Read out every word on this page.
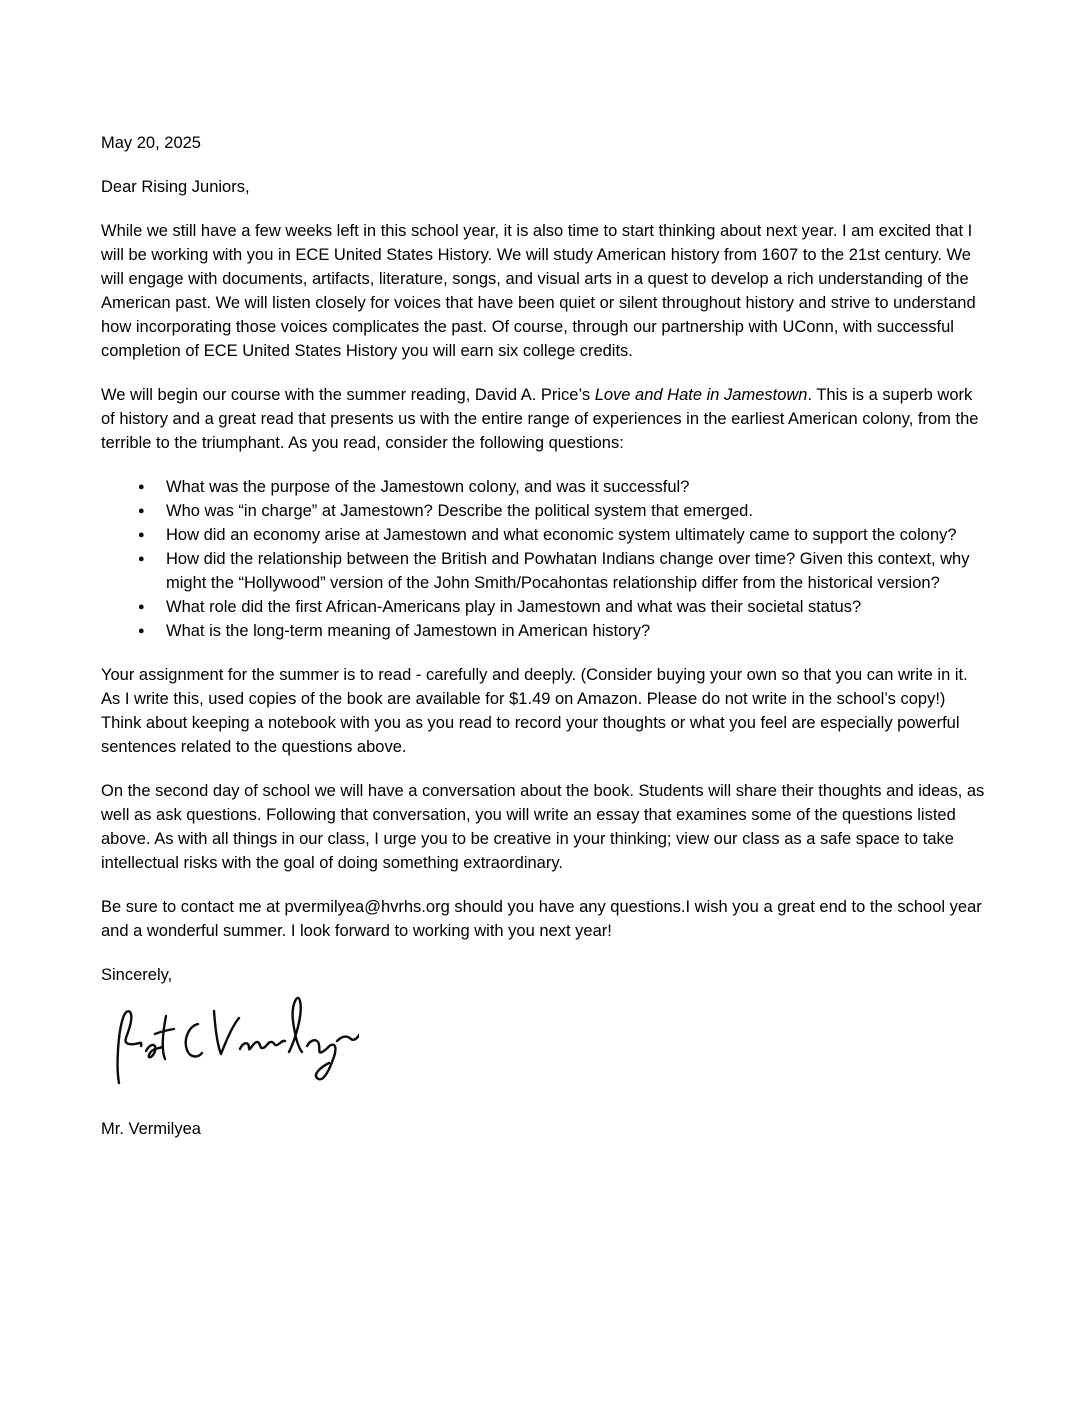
May 20, 2025

Dear Rising Juniors,

While we still have a few weeks left in this school year, it is also time to start thinking about next year. I am excited that I will be working with you in ECE United States History. We will study American history from 1607 to the 21st century. We will engage with documents, artifacts, literature, songs, and visual arts in a quest to develop a rich understanding of the American past. We will listen closely for voices that have been quiet or silent throughout history and strive to understand how incorporating those voices complicates the past. Of course, through our partnership with UConn, with successful completion of ECE United States History you will earn six college credits.

We will begin our course with the summer reading, David A. Price’s Love and Hate in Jamestown. This is a superb work of history and a great read that presents us with the entire range of experiences in the earliest American colony, from the terrible to the triumphant. As you read, consider the following questions:

●	What was the purpose of the Jamestown colony, and was it successful?
●	Who was “in charge” at Jamestown? Describe the political system that emerged.
●	How did an economy arise at Jamestown and what economic system ultimately came to support the colony?
●	How did the relationship between the British and Powhatan Indians change over time? Given this context, why might the “Hollywood” version of the John Smith/Pocahontas relationship differ from the historical version?
●	What role did the first African-Americans play in Jamestown and what was their societal status?
●	What is the long-term meaning of Jamestown in American history?

Your assignment for the summer is to read - carefully and deeply. (Consider buying your own so that you can write in it. As I write this, used copies of the book are available for $1.49 on Amazon. Please do not write in the school’s copy!) Think about keeping a notebook with you as you read to record your thoughts or what you feel are especially powerful sentences related to the questions above.

On the second day of school we will have a conversation about the book. Students will share their thoughts and ideas, as well as ask questions. Following that conversation, you will write an essay that examines some of the questions listed above. As with all things in our class, I urge you to be creative in your thinking; view our class as a safe space to take intellectual risks with the goal of doing something extraordinary.

Be sure to contact me at pvermilyea@hvrhs.org should you have any questions.I wish you a great end to the school year and a wonderful summer. I look forward to working with you next year!

Sincerely,

Mr. Vermilyea
